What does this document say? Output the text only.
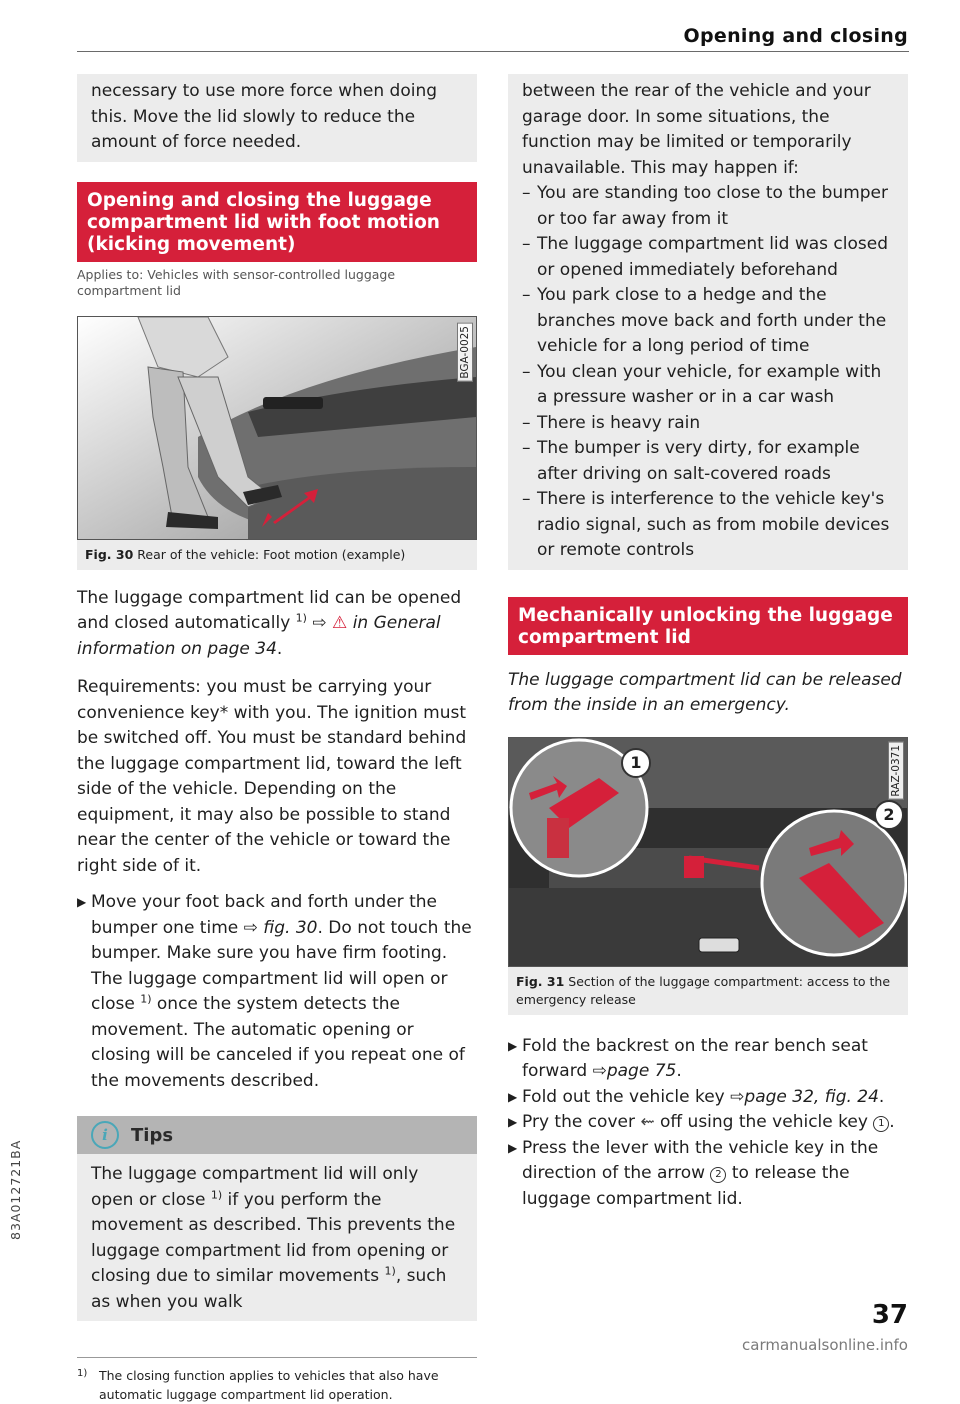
Opening and closing
necessary to use more force when doing this. Move the lid slowly to reduce the amount of force needed.
Opening and closing the luggage compartment lid with foot motion (kicking movement)
Applies to: Vehicles with sensor-controlled luggage compartment lid
BGA-0025
Fig. 30 Rear of the vehicle: Foot motion (example)

The luggage compartment lid can be opened and closed automatically $^{1)}$ ⇨ ⚠ in General information on page 34.

Requirements: you must be carrying your convenience key* with you. The ignition must be switched off. You must be standard behind the luggage compartment lid, toward the left side of the vehicle. Depending on the equipment, it may also be possible to stand near the center of the vehicle or toward the right side of it.

▶ Move your foot back and forth under the bumper one time ⇨ fig. 30. Do not touch the bumper. Make sure you have firm footing. The luggage compartment lid will open or close $^{1)}$ once the system detects the movement. The automatic opening or closing will be canceled if you repeat one of the movements described.
i	Tips
The luggage compartment lid will only open or close $^{1)}$ if you perform the movement as described. This prevents the luggage compartment lid from opening or closing due to similar movements $^{1)}$, such as when you walk
1) The closing function applies to vehicles that also have automatic luggage compartment lid operation.
between the rear of the vehicle and your garage door. In some situations, the function may be limited or temporarily unavailable. This may happen if:
– You are standing too close to the bumper or too far away from it
– The luggage compartment lid was closed or opened immediately beforehand
– You park close to a hedge and the branches move back and forth under the vehicle for a long period of time
– You clean your vehicle, for example with a pressure washer or in a car wash
– There is heavy rain
– The bumper is very dirty, for example after driving on salt-covered roads
– There is interference to the vehicle key's radio signal, such as from mobile devices or remote controls
Mechanically unlocking the luggage compartment lid

The luggage compartment lid can be released from the inside in an emergency.

1
2
RAZ-0371
Fig. 31 Section of the luggage compartment: access to the emergency release
▶ Fold the backrest on the rear bench seat forward ⇨page 75.
▶ Fold out the vehicle key ⇨page 32, fig. 24.
▶ Pry the cover ⇜ off using the vehicle key 1 .
▶ Press the lever with the vehicle key in the direction of the arrow 2 to release the luggage compartment lid.
83A012721BA
37
carmanualsonline.info
